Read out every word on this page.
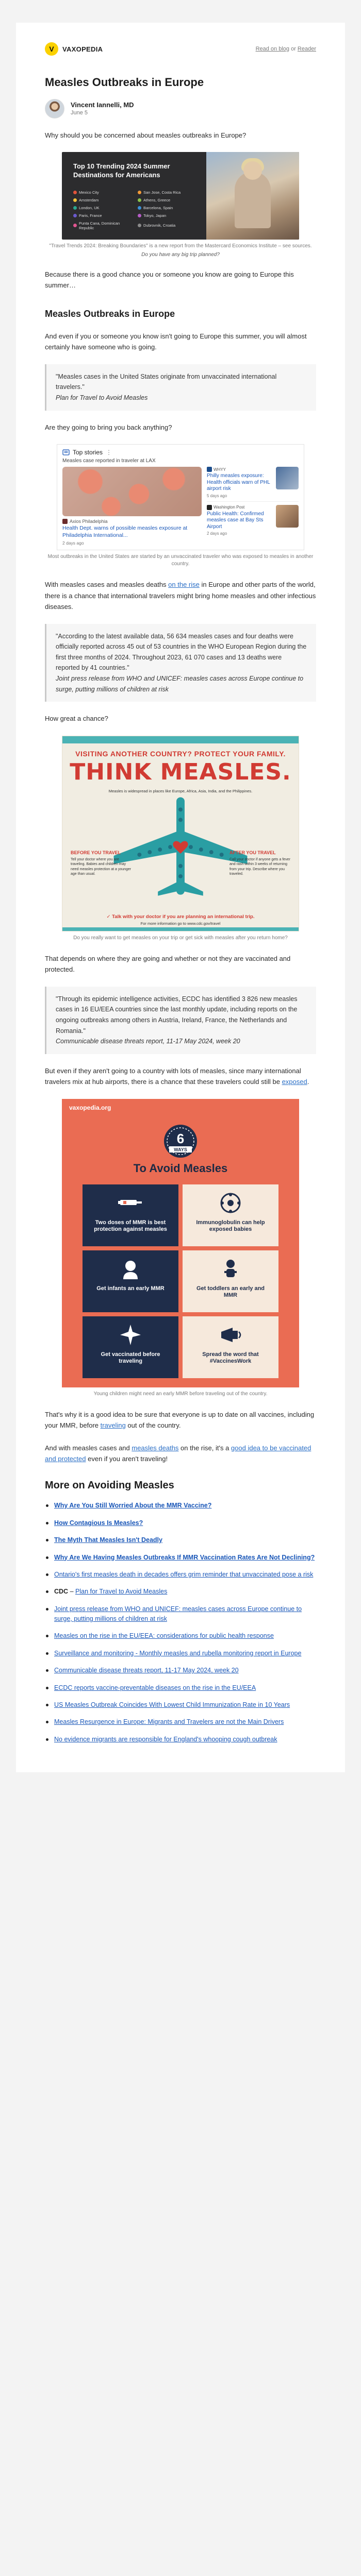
V	VAXOPEDIA	Read on blog or Reader
Measles Outbreaks in Europe
Vincent Iannelli, MD
June 5

Why should you be concerned about measles outbreaks in Europe?

Top 10 Trending 2024 Summer Destinations for Americans
Mexico City	San Jose, Costa Rica
Amsterdam	Athens, Greece
London, UK	Barcelona, Spain
Paris, France	Tokyo, Japan
Punta Cana, Dominican Republic	Dubrovnik, Croatia
"Travel Trends 2024: Breaking Boundaries" is a new report from the Mastercard Economics Institute – see sources.
Do you have any big trip planned?

Because there is a good chance you or someone you know are going to Europe this summer…

Measles Outbreaks in Europe

And even if you or someone you know isn't going to Europe this summer, you will almost certainly have someone who is going.

"Measles cases in the United States originate from unvaccinated international travelers."
Plan for Travel to Avoid Measles

Are they going to bring you back anything?

Top stories ⋮
Measles case reported in traveler at LAX
Axios Philadelphia
Health Dept. warns of possible measles exposure at Philadelphia International...
2 days ago
WHYY
Philly measles exposure: Health officials warn of PHL airport risk
5 days ago
Washington Post
Public Health: Confirmed measles case at Bay Sts Airport
2 days ago
Most outbreaks in the United States are started by an unvaccinated traveler who was exposed to measles in another country.

With measles cases and measles deaths on the rise in Europe and other parts of the world, there is a chance that international travelers might bring home measles and other infectious diseases.

"According to the latest available data, 56 634 measles cases and four deaths were officially reported across 45 out of 53 countries in the WHO European Region during the first three months of 2024. Throughout 2023, 61 070 cases and 13 deaths were reported by 41 countries."
Joint press release from WHO and UNICEF: measles cases across Europe continue to surge, putting millions of children at risk

How great a chance?

VISITING ANOTHER COUNTRY? PROTECT YOUR FAMILY.
THINK MEASLES.
Measles is widespread in places like Europe, Africa, Asia, India, and the Philippines.
BEFORE YOU TRAVEL
Tell your doctor where you are traveling. Babies and children may need measles protection at a younger age than usual.
AFTER YOU TRAVEL
Call your doctor if anyone gets a fever and rash within 3 weeks of returning from your trip. Describe where you traveled.
✓ Talk with your doctor if you are planning an international trip.
For more information go to www.cdc.gov/travel
Do you really want to get measles on your trip or get sick with measles after you return home?

That depends on where they are going and whether or not they are vaccinated and protected.

"Through its epidemic intelligence activities, ECDC has identified 3 826 new measles cases in 16 EU/EEA countries since the last monthly update, including reports on the ongoing outbreaks among others in Austria, Ireland, France, the Netherlands and Romania."
Communicable disease threats report, 11-17 May 2024, week 20

But even if they aren't going to a country with lots of measles, since many international travelers mix at hub airports, there is a chance that these travelers could still be exposed.

vaxopedia.org
6
WAYS
To Avoid Measles
Two doses of MMR is best protection against measles
Immunoglobulin can help exposed babies
Get infants an early MMR	Get toddlers an early and MMR
Get vaccinated before traveling
Spread the word that #VaccinesWork
Young children might need an early MMR before traveling out of the country.

That's why it is a good idea to be sure that everyone is up to date on all vaccines, including your MMR, before traveling out of the country.

And with measles cases and measles deaths on the rise, it's a good idea to be vaccinated and protected even if you aren't traveling!

More on Avoiding Measles
Why Are You Still Worried About the MMR Vaccine?
How Contagious Is Measles?
The Myth That Measles Isn't Deadly
Why Are We Having Measles Outbreaks If MMR Vaccination Rates Are Not Declining?
Ontario's first measles death in decades offers grim reminder that unvaccinated pose a risk
CDC – Plan for Travel to Avoid Measles
Joint press release from WHO and UNICEF: measles cases across Europe continue to surge, putting millions of children at risk
Measles on the rise in the EU/EEA: considerations for public health response
Surveillance and monitoring - Monthly measles and rubella monitoring report in Europe
Communicable disease threats report, 11-17 May 2024, week 20
ECDC reports vaccine-preventable diseases on the rise in the EU/EEA
US Measles Outbreak Coincides With Lowest Child Immunization Rate in 10 Years
Measles Resurgence in Europe: Migrants and Travelers are not the Main Drivers
No evidence migrants are responsible for England's whooping cough outbreak
